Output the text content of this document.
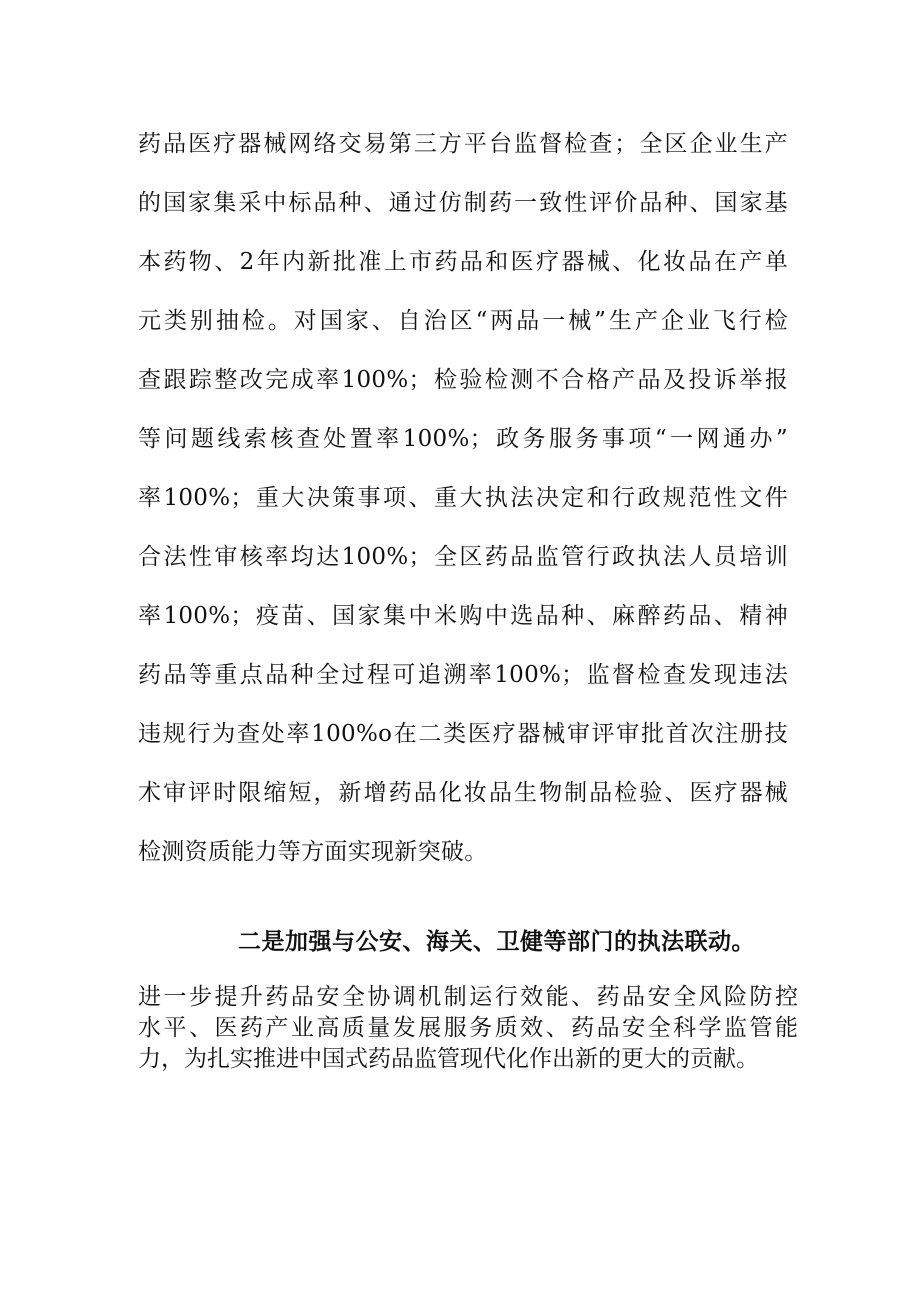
药品医疗器械网络交易第三方平台监督检查；全区企业生产
的国家集采中标品种、通过仿制药一致性评价品种、国家基
本药物、2年内新批准上市药品和医疗器械、化妆品在产单
元类别抽检。对国家、自治区“两品一械”生产企业飞行检
查跟踪整改完成率100%；检验检测不合格产品及投诉举报
等问题线索核查处置率100%；政务服务事项“一网通办”
率100%；重大决策事项、重大执法决定和行政规范性文件
合法性审核率均达100%；全区药品监管行政执法人员培训
率100%；疫苗、国家集中米购中选品种、麻醉药品、精神
药品等重点品种全过程可追溯率100%；监督检查发现违法
违规行为查处率100%o在二类医疗器械审评审批首次注册技
术审评时限缩短，新增药品化妆品生物制品检验、医疗器械
检测资质能力等方面实现新突破。

二是加强与公安、海关、卫健等部门的执法联动。

进一步提升药品安全协调机制运行效能、药品安全风险防控
水平、医药产业高质量发展服务质效、药品安全科学监管能
力，为扎实推进中国式药品监管现代化作出新的更大的贡献。
